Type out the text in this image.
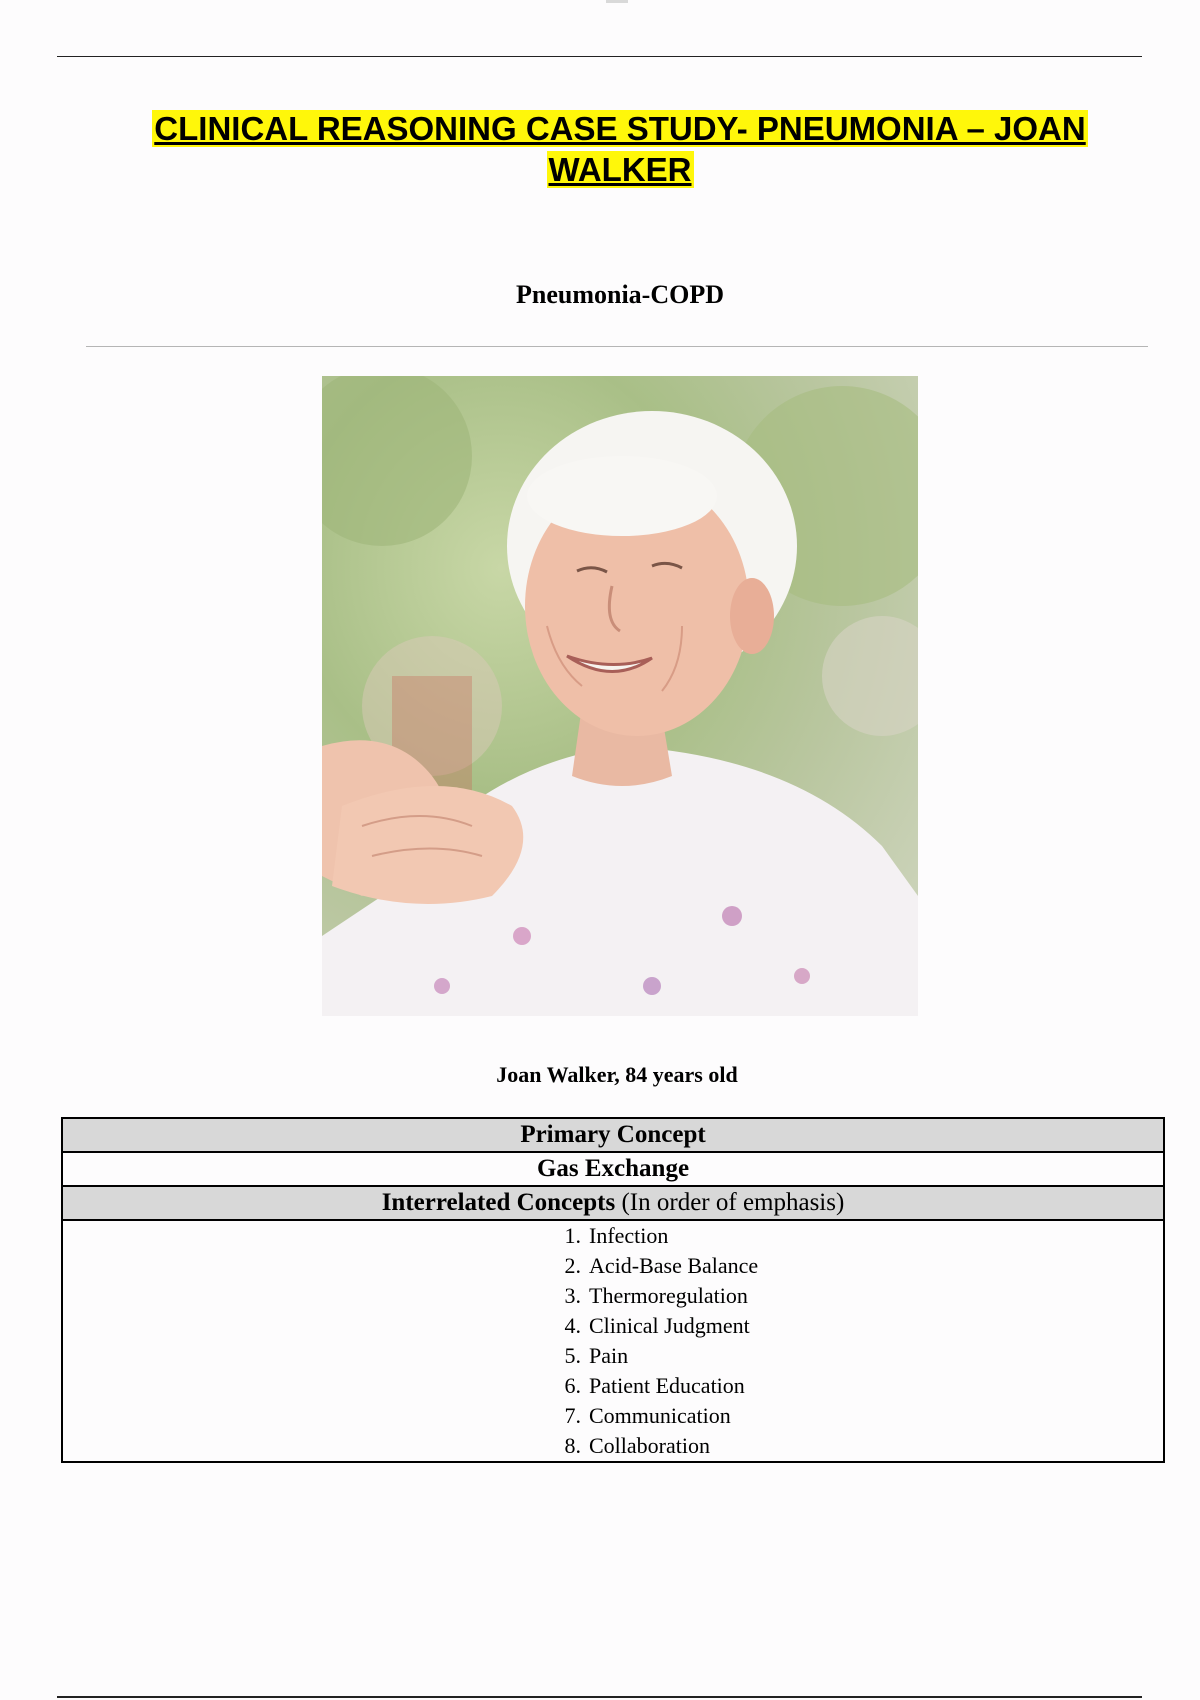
CLINICAL REASONING CASE STUDY- PNEUMONIA – JOAN
WALKER
Pneumonia-COPD
Joan Walker, 84 years old
Primary Concept
Gas Exchange
Interrelated Concepts (In order of emphasis)

1. Infection
2. Acid-Base Balance
3. Thermoregulation
4. Clinical Judgment
5. Pain
6. Patient Education
7. Communication
8. Collaboration
